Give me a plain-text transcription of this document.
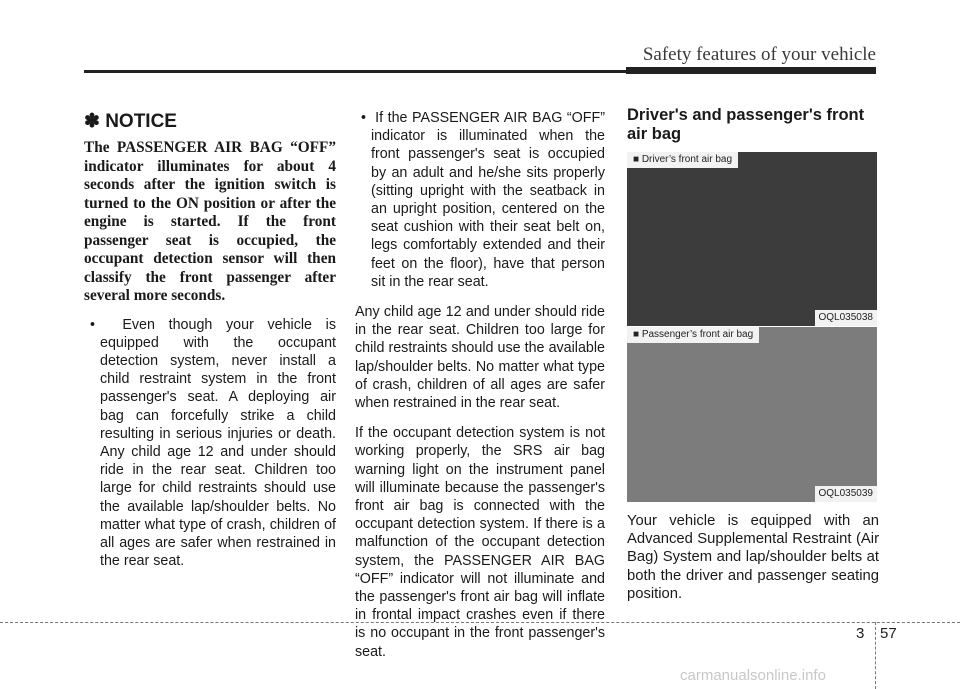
Safety features of your vehicle
✽ NOTICE

The PASSENGER AIR BAG “OFF” indicator illuminates for about 4 seconds after the ignition switch is turned to the ON position or after the engine is started. If the front passenger seat is occupied, the occupant detection sensor will then classify the front passenger after several more seconds.

•  Even though your vehicle is equipped with the occupant detection system, never install a child restraint system in the front passenger's seat. A deploying air bag can forcefully strike a child resulting in serious injuries or death. Any child age 12 and under should ride in the rear seat. Children too large for child restraints should use the available lap/shoulder belts. No matter what type of crash, children of all ages are safer when restrained in the rear seat.

•  If the PASSENGER AIR BAG “OFF” indicator is illuminated when the front passenger's seat is occupied by an adult and he/she sits properly (sitting upright with the seatback in an upright position, centered on the seat cushion with their seat belt on, legs comfortably extended and their feet on the floor), have that person sit in the rear seat.

Any child age 12 and under should ride in the rear seat. Children too large for child restraints should use the available lap/shoulder belts. No matter what type of crash, children of all ages are safer when restrained in the rear seat.

If the occupant detection system is not working properly, the SRS air bag warning light on the instrument panel will illuminate because the passenger's front air bag is connected with the occupant detection system. If there is a malfunction of the occupant detection system, the PASSENGER AIR BAG “OFF” indicator will not illuminate and the passenger's front air bag will inflate in frontal impact crashes even if there is no occupant in the front passenger's seat.

Driver's and passenger's front air bag
■ Driver’s front air bag
OQL035038
■ Passenger’s front air bag
OQL035039

Your vehicle is equipped with an Advanced Supplemental Restraint (Air Bag) System and lap/shoulder belts at both the driver and passenger seating position.

3 57
carmanualsonline.info
